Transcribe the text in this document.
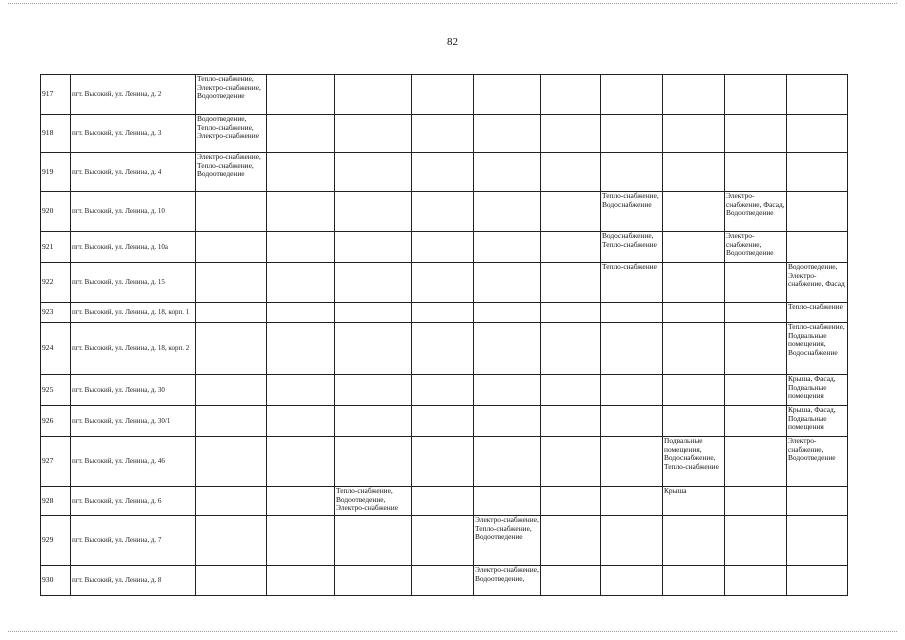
82
917	пгт. Высокий, ул. Ленина, д. 2	Тепло-снабжение, Электро-снабжение, Водоотведение									
918	пгт. Высокий, ул. Ленина, д. 3	Водоотведение, Тепло-снабжение, Электро-снабжение									
919	пгт. Высокий, ул. Ленина, д. 4	Электро-снабжение, Тепло-снабжение, Водоотведение									
920	пгт. Высокий, ул. Ленина, д. 10							Тепло-снабжение, Водоснабжение		Электро-снабжение, Фасад, Водоотведение	
921	пгт. Высокий, ул. Ленина, д. 10а							Водоснабжение, Тепло-снабжение		Электро-снабжение, Водоотведение	
922	пгт. Высокий, ул. Ленина, д. 15							Тепло-снабжение			Водоотведение, Электро-снабжение, Фасад
923	пгт. Высокий, ул. Ленина, д. 18, корп. 1										Тепло-снабжение
924	пгт. Высокий, ул. Ленина, д. 18, корп. 2										Тепло-снабжение, Подвальные помещения, Водоснабжение
925	пгт. Высокий, ул. Ленина, д. 30										Крыша, Фасад, Подвальные помещения
926	пгт. Высокий, ул. Ленина, д. 30/1										Крыша, Фасад, Подвальные помещения
927	пгт. Высокий, ул. Ленина, д. 46								Подвальные помещения, Водоснабжение, Тепло-снабжение		Электро-снабжение, Водоотведение
928	пгт. Высокий, ул. Ленина, д. 6			Тепло-снабжение, Водоотведение, Электро-снабжение					Крыша		
929	пгт. Высокий, ул. Ленина, д. 7					Электро-снабжение, Тепло-снабжение, Водоотведение					
930	пгт. Высокий, ул. Ленина, д. 8					Электро-снабжение, Водоотведение,					
